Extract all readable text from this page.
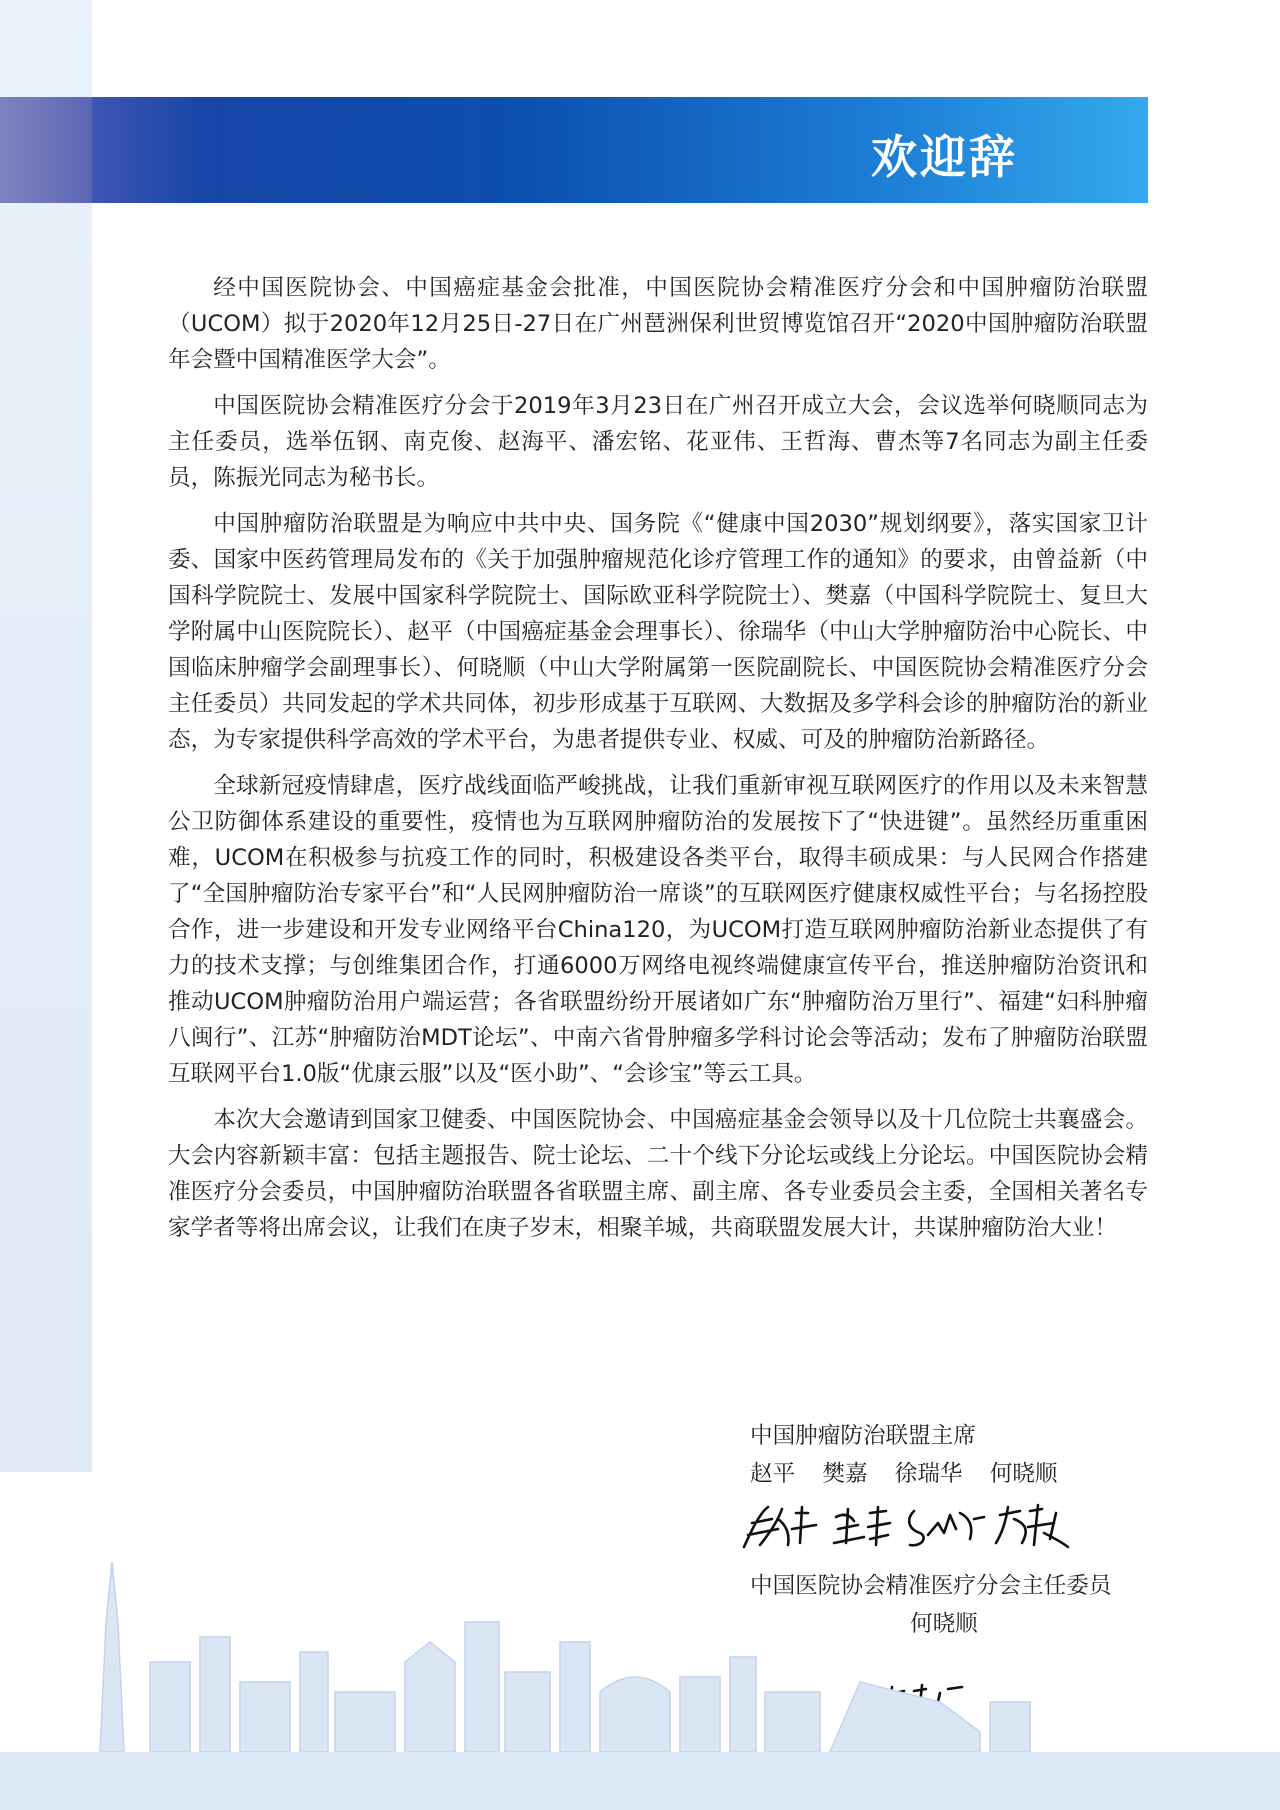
欢迎辞

经中国医院协会、中国癌症基金会批准，中国医院协会精准医疗分会和中国肿瘤防治联盟（UCOM）拟于2020年12月25日-27日在广州琶洲保利世贸博览馆召开“2020中国肿瘤防治联盟年会暨中国精准医学大会”。

中国医院协会精准医疗分会于2019年3月23日在广州召开成立大会，会议选举何晓顺同志为主任委员，选举伍钢、南克俊、赵海平、潘宏铭、花亚伟、王哲海、曹杰等7名同志为副主任委员，陈振光同志为秘书长。

中国肿瘤防治联盟是为响应中共中央、国务院《“健康中国2030”规划纲要》，落实国家卫计委、国家中医药管理局发布的《关于加强肿瘤规范化诊疗管理工作的通知》的要求，由曾益新（中国科学院院士、发展中国家科学院院士、国际欧亚科学院院士）、樊嘉（中国科学院院士、复旦大学附属中山医院院长）、赵平（中国癌症基金会理事长）、徐瑞华（中山大学肿瘤防治中心院长、中国临床肿瘤学会副理事长）、何晓顺（中山大学附属第一医院副院长、中国医院协会精准医疗分会主任委员）共同发起的学术共同体，初步形成基于互联网、大数据及多学科会诊的肿瘤防治的新业态，为专家提供科学高效的学术平台，为患者提供专业、权威、可及的肿瘤防治新路径。

全球新冠疫情肆虐，医疗战线面临严峻挑战，让我们重新审视互联网医疗的作用以及未来智慧公卫防御体系建设的重要性，疫情也为互联网肿瘤防治的发展按下了“快进键”。虽然经历重重困难，UCOM在积极参与抗疫工作的同时，积极建设各类平台，取得丰硕成果：与人民网合作搭建了“全国肿瘤防治专家平台”和“人民网肿瘤防治一席谈”的互联网医疗健康权威性平台；与名扬控股合作，进一步建设和开发专业网络平台China120，为UCOM打造互联网肿瘤防治新业态提供了有力的技术支撑；与创维集团合作，打通6000万网络电视终端健康宣传平台，推送肿瘤防治资讯和推动UCOM肿瘤防治用户端运营；各省联盟纷纷开展诸如广东“肿瘤防治万里行”、福建“妇科肿瘤八闽行”、江苏“肿瘤防治MDT论坛”、中南六省骨肿瘤多学科讨论会等活动；发布了肿瘤防治联盟互联网平台1.0版“优康云服”以及“医小助”、“会诊宝”等云工具。

本次大会邀请到国家卫健委、中国医院协会、中国癌症基金会领导以及十几位院士共襄盛会。大会内容新颖丰富：包括主题报告、院士论坛、二十个线下分论坛或线上分论坛。中国医院协会精准医疗分会委员，中国肿瘤防治联盟各省联盟主席、副主席、各专业委员会主委，全国相关著名专家学者等将出席会议，让我们在庚子岁末，相聚羊城，共商联盟发展大计，共谋肿瘤防治大业！

中国肿瘤防治联盟主席
赵平 樊嘉 徐瑞华 何晓顺
中国医院协会精准医疗分会主任委员
何晓顺
